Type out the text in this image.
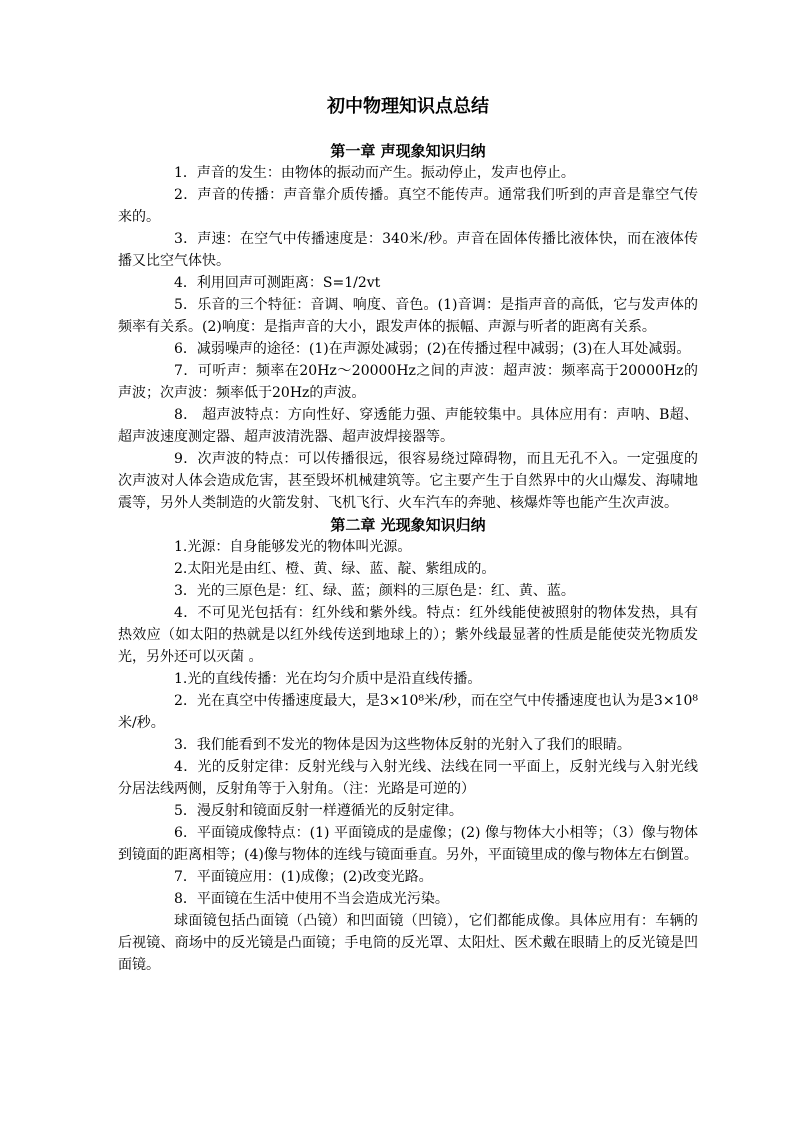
初中物理知识点总结
第一章 声现象知识归纳

1．声音的发生：由物体的振动而产生。振动停止，发声也停止。

2．声音的传播：声音靠介质传播。真空不能传声。通常我们听到的声音是靠空气传来的。

3．声速：在空气中传播速度是：340米/秒。声音在固体传播比液体快，而在液体传播又比空气体快。

4．利用回声可测距离：S=1/2vt

5．乐音的三个特征：音调、响度、音色。(1)音调：是指声音的高低，它与发声体的频率有关系。(2)响度：是指声音的大小，跟发声体的振幅、声源与听者的距离有关系。

6．减弱噪声的途径：(1)在声源处减弱；(2)在传播过程中减弱；(3)在人耳处减弱。

7．可听声：频率在20Hz～20000Hz之间的声波：超声波：频率高于20000Hz的声波；次声波：频率低于20Hz的声波。

8． 超声波特点：方向性好、穿透能力强、声能较集中。具体应用有：声呐、B超、超声波速度测定器、超声波清洗器、超声波焊接器等。

9．次声波的特点：可以传播很远，很容易绕过障碍物，而且无孔不入。一定强度的次声波对人体会造成危害，甚至毁坏机械建筑等。它主要产生于自然界中的火山爆发、海啸地震等，另外人类制造的火箭发射、飞机飞行、火车汽车的奔驰、核爆炸等也能产生次声波。

第二章 光现象知识归纳

1.光源：自身能够发光的物体叫光源。

2.太阳光是由红、橙、黄、绿、蓝、靛、紫组成的。

3．光的三原色是：红、绿、蓝；颜料的三原色是：红、黄、蓝。

4．不可见光包括有：红外线和紫外线。特点：红外线能使被照射的物体发热，具有热效应（如太阳的热就是以红外线传送到地球上的）；紫外线最显著的性质是能使荧光物质发光，另外还可以灭菌 。

1.光的直线传播：光在均匀介质中是沿直线传播。

2．光在真空中传播速度最大，是3×10⁸米/秒，而在空气中传播速度也认为是3×10⁸米/秒。

3．我们能看到不发光的物体是因为这些物体反射的光射入了我们的眼睛。

4．光的反射定律：反射光线与入射光线、法线在同一平面上，反射光线与入射光线分居法线两侧，反射角等于入射角。（注：光路是可逆的）

5．漫反射和镜面反射一样遵循光的反射定律。

6．平面镜成像特点：(1) 平面镜成的是虚像；(2) 像与物体大小相等；（3）像与物体到镜面的距离相等；(4)像与物体的连线与镜面垂直。另外，平面镜里成的像与物体左右倒置。

7．平面镜应用：(1)成像；(2)改变光路。

8．平面镜在生活中使用不当会造成光污染。

球面镜包括凸面镜（凸镜）和凹面镜（凹镜），它们都能成像。具体应用有：车辆的后视镜、商场中的反光镜是凸面镜；手电筒的反光罩、太阳灶、医术戴在眼睛上的反光镜是凹面镜。
